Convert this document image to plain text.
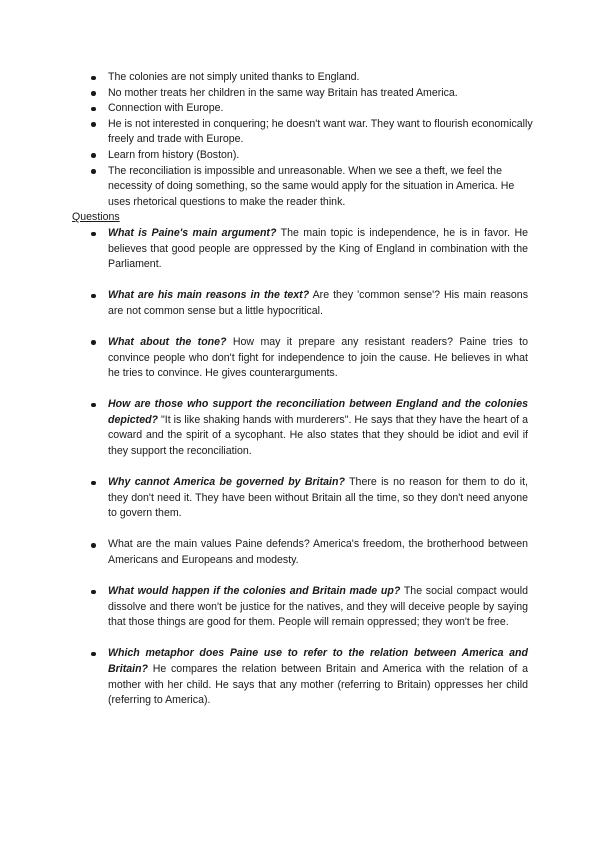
The colonies are not simply united thanks to England.
No mother treats her children in the same way Britain has treated America.
Connection with Europe.
He is not interested in conquering; he doesn't want war. They want to flourish economically freely and trade with Europe.
Learn from history (Boston).
The reconciliation is impossible and unreasonable. When we see a theft, we feel the necessity of doing something, so the same would apply for the situation in America. He uses rhetorical questions to make the reader think.
Questions
What is Paine's main argument? The main topic is independence, he is in favor. He believes that good people are oppressed by the King of England in combination with the Parliament.
What are his main reasons in the text? Are they 'common sense'? His main reasons are not common sense but a little hypocritical.
What about the tone? How may it prepare any resistant readers? Paine tries to convince people who don't fight for independence to join the cause. He believes in what he tries to convince. He gives counterarguments.
How are those who support the reconciliation between England and the colonies depicted? "It is like shaking hands with murderers". He says that they have the heart of a coward and the spirit of a sycophant. He also states that they should be idiot and evil if they support the reconciliation.
Why cannot America be governed by Britain? There is no reason for them to do it, they don't need it. They have been without Britain all the time, so they don't need anyone to govern them.
What are the main values Paine defends? America's freedom, the brotherhood between Americans and Europeans and modesty.
What would happen if the colonies and Britain made up? The social compact would dissolve and there won't be justice for the natives, and they will deceive people by saying that those things are good for them. People will remain oppressed; they won't be free.
Which metaphor does Paine use to refer to the relation between America and Britain? He compares the relation between Britain and America with the relation of a mother with her child. He says that any mother (referring to Britain) oppresses her child (referring to America).
